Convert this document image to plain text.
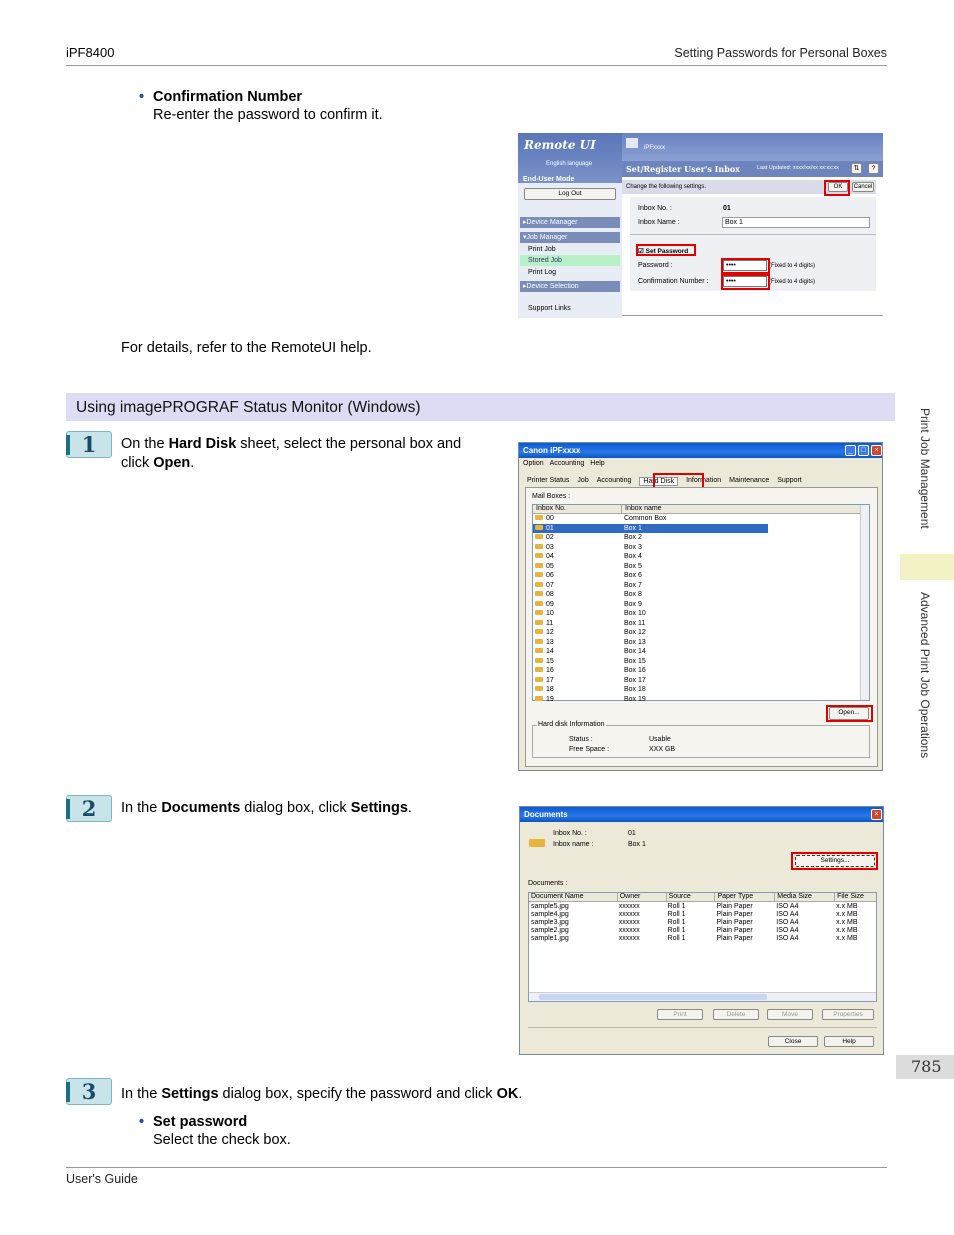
iPF8400	Setting Passwords for Personal Boxes
• Confirmation Number
Re-enter the password to confirm it.
Remote UI
English language
End-User Mode
Log Out
▸Device Manager
▾Job Manager
Print Job
Stored Job
Print Log
▸Device Selection
Support Links
iPFxxxx
Set/Register User's Inbox	Last Updated: xxxx/xx/xx xx:xx:xx	⇅	?
Change the following settings.	OK	Cancel
Inbox No. :	01
Inbox Name :	Box 1
☑ Set Password
Password :	••••	(Fixed to 4 digits)
Confirmation Number :	••••	(Fixed to 4 digits)
For details, refer to the RemoteUI help.
Using imagePROGRAF Status Monitor (Windows)
1	On the Hard Disk sheet, select the personal box and click Open.
Canon iPFxxxx	_	□	×
Option Accounting Help
Printer Status Job Accounting	Hard Disk	Information Maintenance Support
Mail Boxes :
Inbox No.	Inbox name
00	Common Box
01	Box 1
02	Box 2
03	Box 3
04	Box 4
05	Box 5
06	Box 6
07	Box 7
08	Box 8
09	Box 9
10	Box 10
11	Box 11
12	Box 12
13	Box 13
14	Box 14
15	Box 15
16	Box 16
17	Box 17
18	Box 18
19	Box 19
Open...
Hard disk Information
Status :	Usable
Free Space :	XXX GB
2	In the Documents dialog box, click Settings.	Documents	×
Inbox No. :	01
Inbox name :	Box 1
Settings...
Documents :
Document Name	Owner	Source	Paper Type	Media Size	File Size
sample5.jpg	xxxxxx	Roll 1	Plain Paper	ISO A4	x.x MB
sample4.jpg	xxxxxx	Roll 1	Plain Paper	ISO A4	x.x MB
sample3.jpg	xxxxxx	Roll 1	Plain Paper	ISO A4	x.x MB
sample2.jpg	xxxxxx	Roll 1	Plain Paper	ISO A4	x.x MB
sample1.jpg	xxxxxx	Roll 1	Plain Paper	ISO A4	x.x MB
Print	Delete	Move	Properties
Close	Help
3	In the Settings dialog box, specify the password and click OK.
• Set password
Select the check box.
Print Job Management
Advanced Print Job Operations
785
User's Guide
